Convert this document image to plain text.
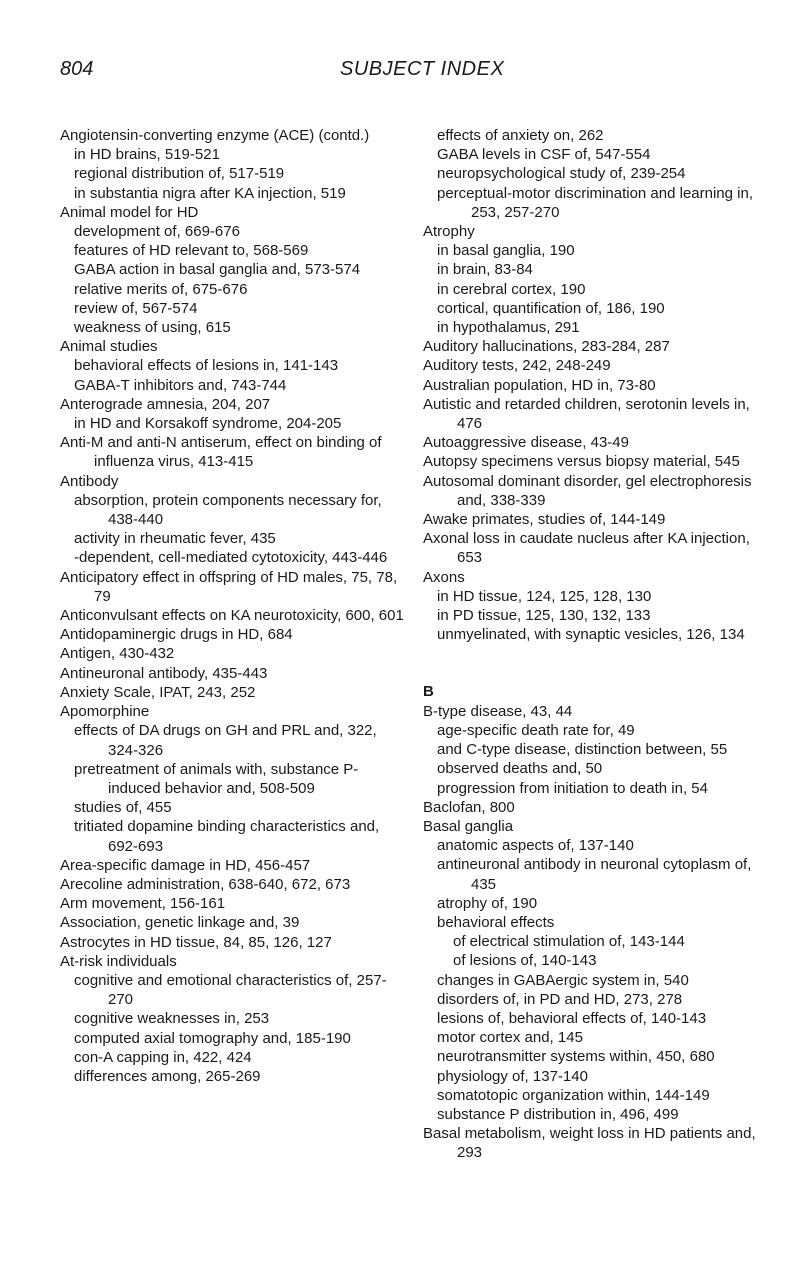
804	SUBJECT INDEX

Angiotensin-converting enzyme (ACE) (contd.)

in HD brains, 519-521

regional distribution of, 517-519

in substantia nigra after KA injection, 519

Animal model for HD

development of, 669-676

features of HD relevant to, 568-569

GABA action in basal ganglia and, 573-574

relative merits of, 675-676

review of, 567-574

weakness of using, 615

Animal studies

behavioral effects of lesions in, 141-143

GABA-T inhibitors and, 743-744

Anterograde amnesia, 204, 207

in HD and Korsakoff syndrome, 204-205

Anti-M and anti-N antiserum, effect on binding of influenza virus, 413-415

Antibody

absorption, protein components necessary for, 438-440

activity in rheumatic fever, 435

-dependent, cell-mediated cytotoxicity, 443-446

Anticipatory effect in offspring of HD males, 75, 78, 79

Anticonvulsant effects on KA neurotoxicity, 600, 601

Antidopaminergic drugs in HD, 684

Antigen, 430-432

Antineuronal antibody, 435-443

Anxiety Scale, IPAT, 243, 252

Apomorphine

effects of DA drugs on GH and PRL and, 322, 324-326

pretreatment of animals with, substance P-induced behavior and, 508-509

studies of, 455

tritiated dopamine binding characteristics and, 692-693

Area-specific damage in HD, 456-457

Arecoline administration, 638-640, 672, 673

Arm movement, 156-161

Association, genetic linkage and, 39

Astrocytes in HD tissue, 84, 85, 126, 127

At-risk individuals

cognitive and emotional characteristics of, 257-270

cognitive weaknesses in, 253

computed axial tomography and, 185-190

con-A capping in, 422, 424

differences among, 265-269

effects of anxiety on, 262

GABA levels in CSF of, 547-554

neuropsychological study of, 239-254

perceptual-motor discrimination and learning in, 253, 257-270

Atrophy

in basal ganglia, 190

in brain, 83-84

in cerebral cortex, 190

cortical, quantification of, 186, 190

in hypothalamus, 291

Auditory hallucinations, 283-284, 287

Auditory tests, 242, 248-249

Australian population, HD in, 73-80

Autistic and retarded children, serotonin levels in, 476

Autoaggressive disease, 43-49

Autopsy specimens versus biopsy material, 545

Autosomal dominant disorder, gel electrophoresis and, 338-339

Awake primates, studies of, 144-149

Axonal loss in caudate nucleus after KA injection, 653

Axons

in HD tissue, 124, 125, 128, 130

in PD tissue, 125, 130, 132, 133

unmyelinated, with synaptic vesicles, 126, 134

B

B-type disease, 43, 44

age-specific death rate for, 49

and C-type disease, distinction between, 55

observed deaths and, 50

progression from initiation to death in, 54

Baclofan, 800

Basal ganglia

anatomic aspects of, 137-140

antineuronal antibody in neuronal cytoplasm of, 435

atrophy of, 190

behavioral effects

of electrical stimulation of, 143-144

of lesions of, 140-143

changes in GABAergic system in, 540

disorders of, in PD and HD, 273, 278

lesions of, behavioral effects of, 140-143

motor cortex and, 145

neurotransmitter systems within, 450, 680

physiology of, 137-140

somatotopic organization within, 144-149

substance P distribution in, 496, 499

Basal metabolism, weight loss in HD patients and, 293
